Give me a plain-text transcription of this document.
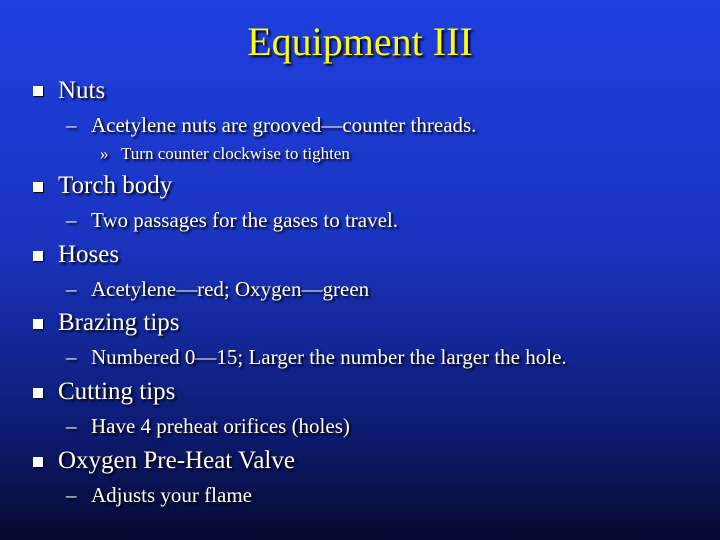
Equipment III
Nuts
– Acetylene nuts are grooved—counter threads.
» Turn counter clockwise to tighten
Torch body
– Two passages for the gases to travel.
Hoses
– Acetylene—red; Oxygen—green
Brazing tips
– Numbered 0—15; Larger the number the larger the hole.
Cutting tips
– Have 4 preheat orifices (holes)
Oxygen Pre-Heat Valve
– Adjusts your flame
